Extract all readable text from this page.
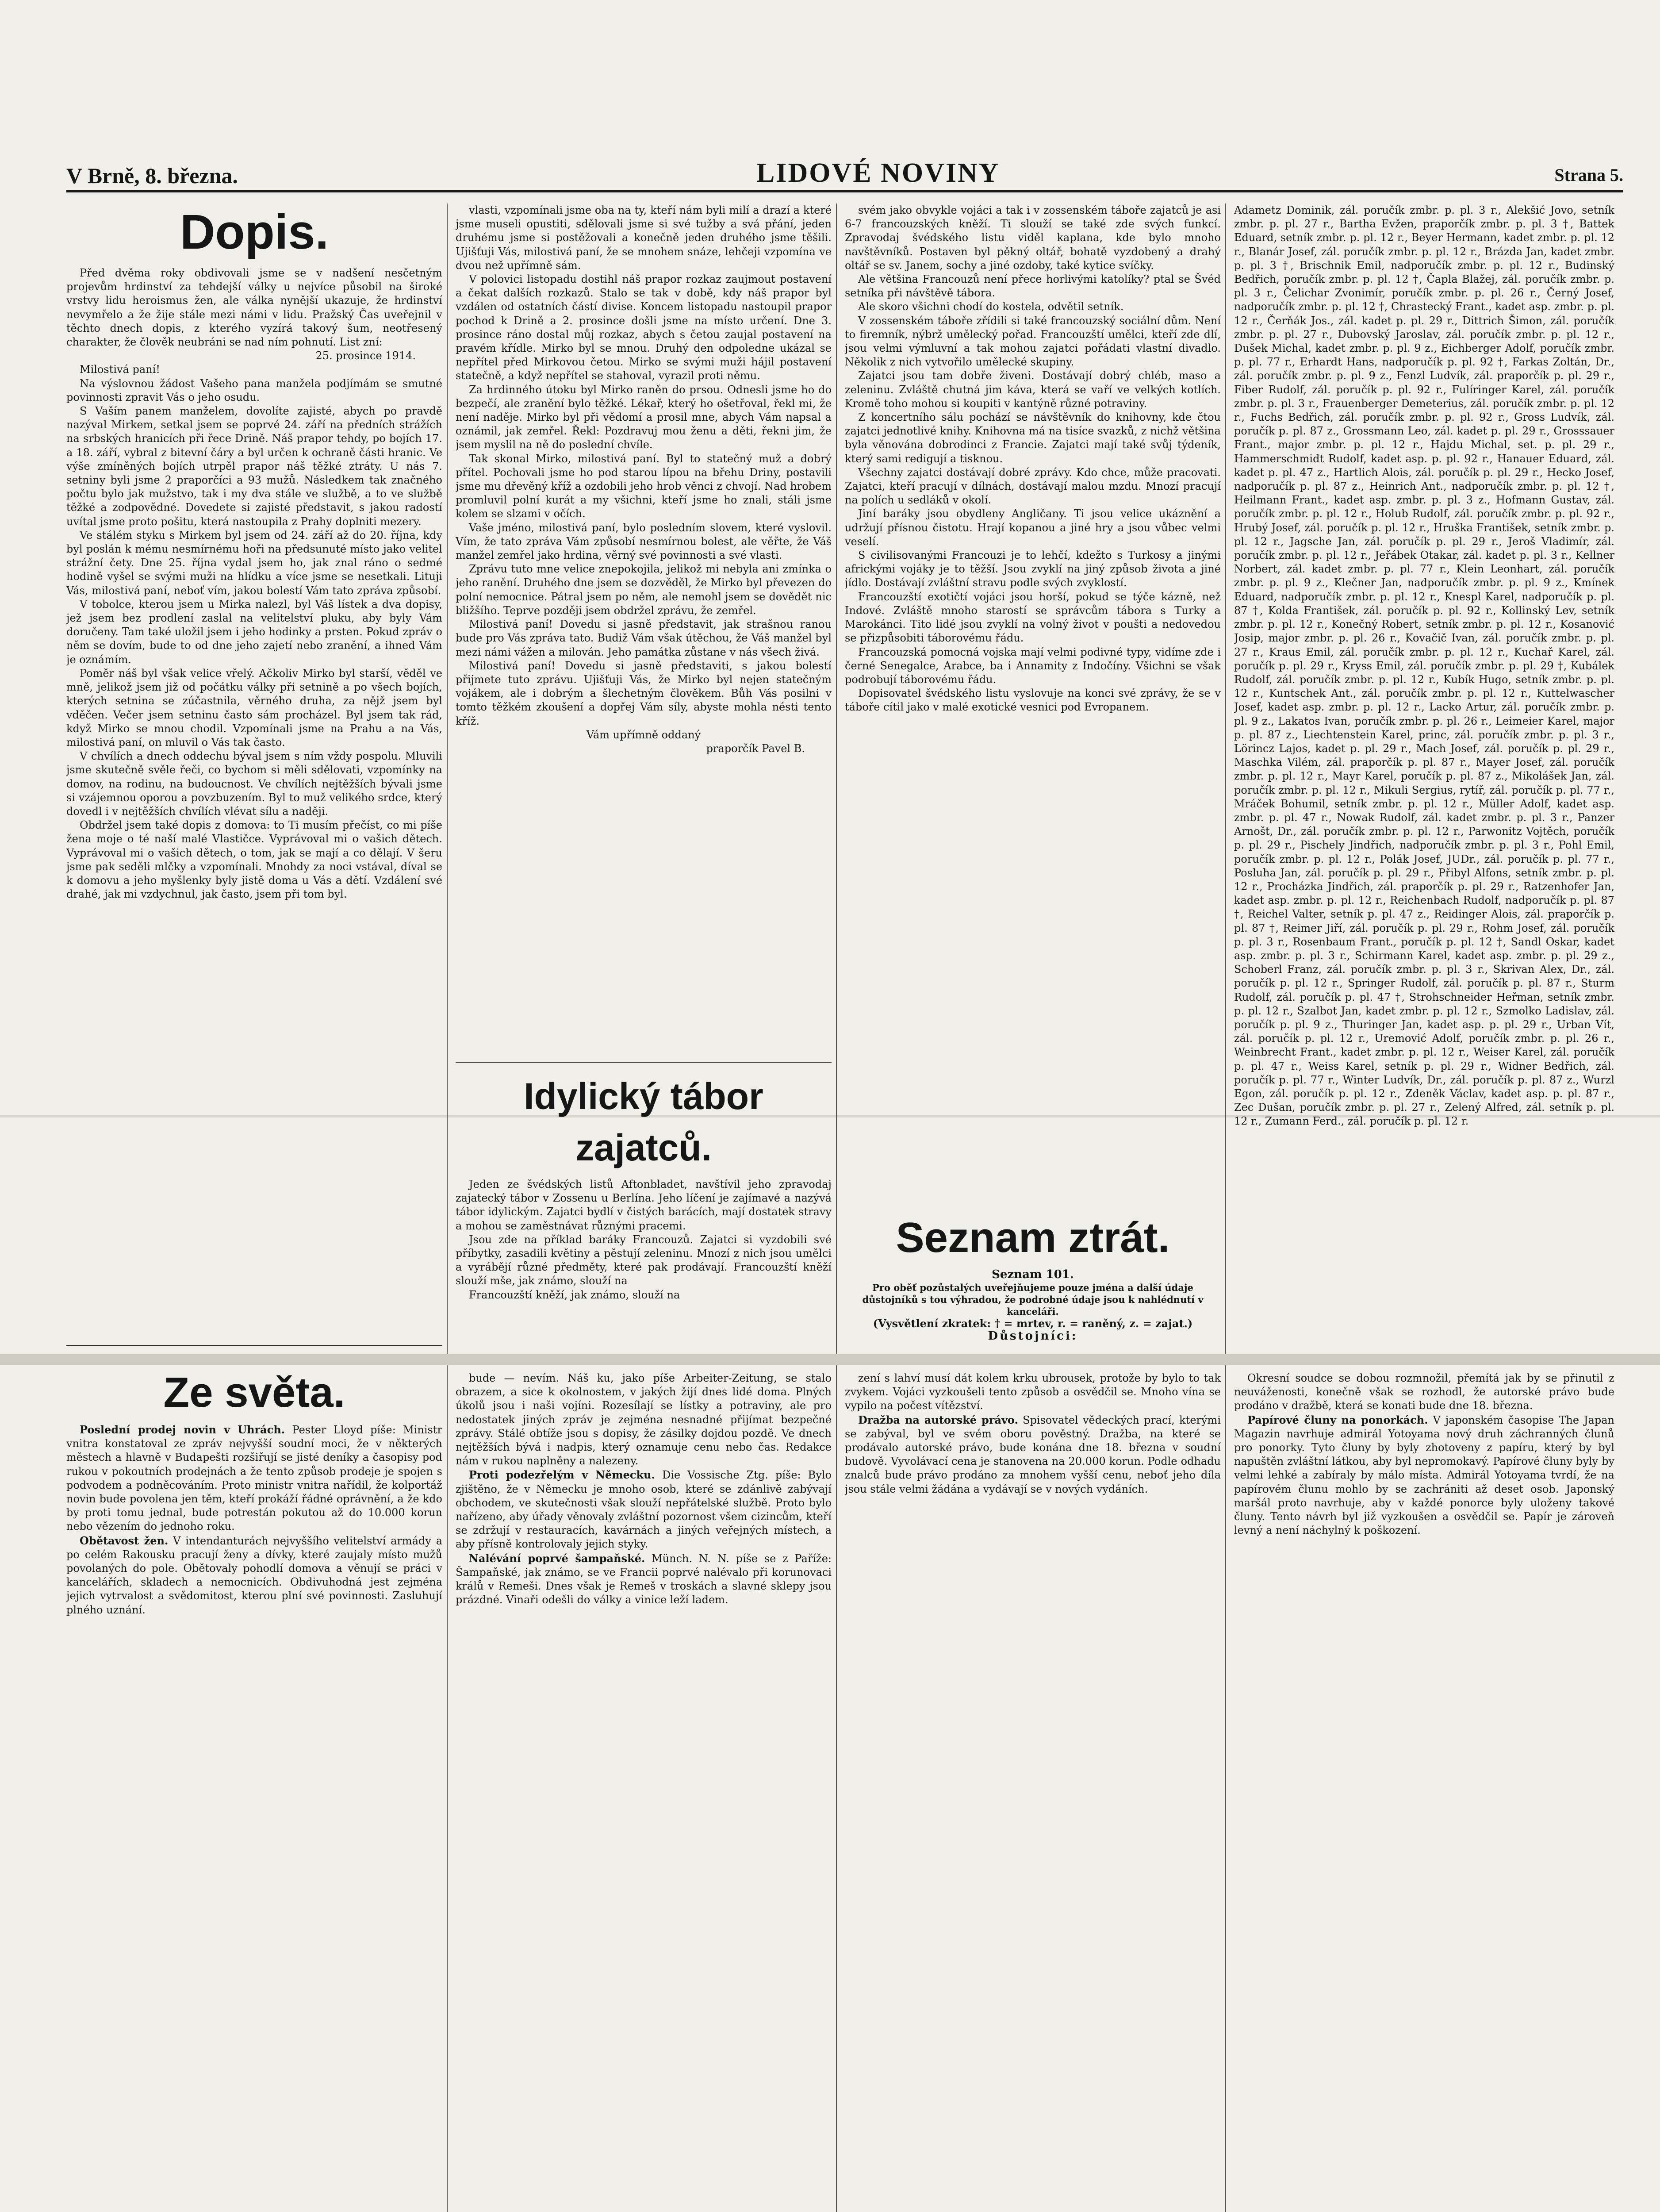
V Brně, 8. března.	LIDOVÉ NOVINY	Strana 5.
Dopis.

Před dvěma roky obdivovali jsme se v nadšení nesčetným projevům hrdinství za tehdejší války u nejvíce působil na široké vrstvy lidu heroismus žen, ale válka nynější ukazuje, že hrdinství nevymřelo a že žije stále mezi námi v lidu. Pražský Čas uveřejnil v těchto dnech dopis, z kterého vyzírá takový šum, neotřesený charakter, že člověk neubráni se nad ním pohnutí. List zní:

25. prosince 1914.

Milostivá paní!

Na výslovnou žádost Vašeho pana manžela podjímám se smutné povinnosti zpravit Vás o jeho osudu.

S Vaším panem manželem, dovolíte zajisté, abych po pravdě nazýval Mirkem, setkal jsem se poprvé 24. září na předních strážích na srbských hranicích při řece Drině. Náš prapor tehdy, po bojích 17. a 18. září, vybral z bitevní čáry a byl určen k ochraně části hranic. Ve výše zmíněných bojích utrpěl prapor náš těžké ztráty. U nás 7. setniny byli jsme 2 praporčíci a 93 mužů. Následkem tak značného počtu bylo jak mužstvo, tak i my dva stále ve službě, a to ve službě těžké a zodpovědné. Dovedete si zajisté představit, s jakou radostí uvítal jsme proto pošitu, která nastoupila z Prahy doplniti mezery.

Ve stálém styku s Mirkem byl jsem od 24. září až do 20. října, kdy byl poslán k mému nesmírnému hoři na předsunuté místo jako velitel strážní čety. Dne 25. října vydal jsem ho, jak znal ráno o sedmé hodině vyšel se svými muži na hlídku a více jsme se nesetkali. Lituji Vás, milostivá paní, neboť vím, jakou bolestí Vám tato zpráva způsobí.

V tobolce, kterou jsem u Mirka nalezl, byl Váš lístek a dva dopisy, jež jsem bez prodlení zaslal na velitelství pluku, aby byly Vám doručeny. Tam také uložil jsem i jeho hodinky a prsten. Pokud zpráv o něm se dovím, bude to od dne jeho zajetí nebo zranění, a ihned Vám je oznámím.

Poměr náš byl však velice vřelý. Ačkoliv Mirko byl starší, věděl ve mně, jelikož jsem již od počátku války při setnině a po všech bojích, kterých setnina se zúčastnila, věrného druha, za nějž jsem byl vděčen. Večer jsem setninu často sám procházel. Byl jsem tak rád, když Mirko se mnou chodil. Vzpomínali jsme na Prahu a na Vás, milostivá paní, on mluvil o Vás tak často.

V chvílích a dnech oddechu býval jsem s ním vždy pospolu. Mluvili jsme skutečně svěle řeči, co bychom si měli sdělovati, vzpomínky na domov, na rodinu, na budoucnost. Ve chvílích nejtěžších bývali jsme si vzájemnou oporou a povzbuzením. Byl to muž velikého srdce, který dovedl i v nejtěžších chvílích vlévat sílu a naději.

Obdržel jsem také dopis z domova: to Ti musím přečíst, co mi píše žena moje o té naší malé Vlastičce. Vyprávoval mi o vašich dětech. Vyprávoval mi o vašich dětech, o tom, jak se mají a co dělají. V šeru jsme pak seděli mlčky a vzpomínali. Mnohdy za noci vstával, díval se k domovu a jeho myšlenky byly jistě doma u Vás a dětí. Vzdálení své drahé, jak mi vzdychnul, jak často, jsem při tom byl.

Ze světa.

Poslední prodej novin v Uhrách. Pester Lloyd píše: Ministr vnitra konstatoval ze zpráv nejvyšší soudní moci, že v některých městech a hlavně v Budapešti rozšiřují se jisté deníky a časopisy pod rukou v pokoutních prodejnách a že tento způsob prodeje je spojen s podvodem a podněcováním. Proto ministr vnitra nařídil, že kolportáž novin bude povolena jen těm, kteří prokáží řádné oprávnění, a že kdo by proti tomu jednal, bude potrestán pokutou až do 10.000 korun nebo vězením do jednoho roku.

Obětavost žen. V intendanturách nejvyššího velitelství armády a po celém Rakousku pracují ženy a dívky, které zaujaly místo mužů povolaných do pole. Obětovaly pohodlí domova a věnují se práci v kancelářích, skladech a nemocnicích. Obdivuhodná jest zejména jejich vytrvalost a svědomitost, kterou plní své povinnosti. Zasluhují plného uznání.

vlasti, vzpomínali jsme oba na ty, kteří nám byli milí a drazí a které jsme museli opustiti, sdělovali jsme si své tužby a svá přání, jeden druhému jsme si postěžovali a konečně jeden druhého jsme těšili. Ujišťuji Vás, milostivá paní, že se mnohem snáze, lehčeji vzpomína ve dvou než upřímně sám.

V polovici listopadu dostihl náš prapor rozkaz zaujmout postavení a čekat dalších rozkazů. Stalo se tak v době, kdy náš prapor byl vzdálen od ostatních částí divise. Koncem listopadu nastoupil prapor pochod k Drině a 2. prosince došli jsme na místo určení. Dne 3. prosince ráno dostal můj rozkaz, abych s četou zaujal postavení na pravém křídle. Mirko byl se mnou. Druhý den odpoledne ukázal se nepřítel před Mirkovou četou. Mirko se svými muži hájil postavení statečně, a když nepřítel se stahoval, vyrazil proti němu.

Za hrdinného útoku byl Mirko raněn do prsou. Odnesli jsme ho do bezpečí, ale zranění bylo těžké. Lékař, který ho ošetřoval, řekl mi, že není naděje. Mirko byl při vědomí a prosil mne, abych Vám napsal a oznámil, jak zemřel. Řekl: Pozdravuj mou ženu a děti, řekni jim, že jsem myslil na ně do poslední chvíle.

Tak skonal Mirko, milostivá paní. Byl to statečný muž a dobrý přítel. Pochovali jsme ho pod starou lípou na břehu Driny, postavili jsme mu dřevěný kříž a ozdobili jeho hrob věnci z chvojí. Nad hrobem promluvil polní kurát a my všichni, kteří jsme ho znali, stáli jsme kolem se slzami v očích.

Vaše jméno, milostivá paní, bylo posledním slovem, které vyslovil. Vím, že tato zpráva Vám způsobí nesmírnou bolest, ale věřte, že Váš manžel zemřel jako hrdina, věrný své povinnosti a své vlasti.

Zprávu tuto mne velice znepokojila, jelikož mi nebyla ani zmínka o jeho ranění. Druhého dne jsem se dozvěděl, že Mirko byl převezen do polní nemocnice. Pátral jsem po něm, ale nemohl jsem se dovědět nic bližšího. Teprve později jsem obdržel zprávu, že zemřel.

Milostivá paní! Dovedu si jasně představit, jak strašnou ranou bude pro Vás zpráva tato. Budiž Vám však útěchou, že Váš manžel byl mezi námi vážen a milován. Jeho památka zůstane v nás všech živá.

Milostivá paní! Dovedu si jasně představiti, s jakou bolestí přijmete tuto zprávu. Ujišťuji Vás, že Mirko byl nejen statečným vojákem, ale i dobrým a šlechetným člověkem. Bůh Vás posilni v tomto těžkém zkoušení a dopřej Vám síly, abyste mohla nésti tento kříž.

Vám upřímně oddaný

praporčík Pavel B.

Idylický tábor zajatců.

Jeden ze švédských listů Aftonbladet, navštívil jeho zpravodaj zajatecký tábor v Zossenu u Berlína. Jeho líčení je zajímavé a nazývá tábor idylickým. Zajatci bydlí v čistých barácích, mají dostatek stravy a mohou se zaměstnávat různými pracemi.

Jsou zde na příklad baráky Francouzů. Zajatci si vyzdobili své příbytky, zasadili květiny a pěstují zeleninu. Mnozí z nich jsou umělci a vyrábějí různé předměty, které pak prodávají. Francouzští kněží slouží mše, jak známo, slouží na

Francouzští kněží, jak známo, slouží na

svém jako obvykle vojáci a tak i v zossenském táboře zajatců je asi 6-7 francouzských kněží. Ti slouží se také zde svých funkcí. Zpravodaj švédského listu viděl kaplana, kde bylo mnoho navštěvníků. Postaven byl pěkný oltář, bohatě vyzdobený a drahý oltář se sv. Janem, sochy a jiné ozdoby, také kytice svíčky.

Ale většina Francouzů není přece horlivými katolíky? ptal se Švéd setníka při návštěvě tábora.

Ale skoro všichni chodí do kostela, odvětil setník.

V zossenském táboře zřídili si také francouzský sociální dům. Není to firemník, nýbrž umělecký pořad. Francouzští umělci, kteří zde dlí, jsou velmi výmluvní a tak mohou zajatci pořádati vlastní divadlo. Několik z nich vytvořilo umělecké skupiny.

Zajatci jsou tam dobře živeni. Dostávají dobrý chléb, maso a zeleninu. Zvláště chutná jim káva, která se vaří ve velkých kotlích. Kromě toho mohou si koupiti v kantýně různé potraviny.

Z koncertního sálu pochází se návštěvník do knihovny, kde čtou zajatci jednotlivé knihy. Knihovna má na tisíce svazků, z nichž většina byla věnována dobrodinci z Francie. Zajatci mají také svůj týdeník, který sami redigují a tisknou.

Všechny zajatci dostávají dobré zprávy. Kdo chce, může pracovati. Zajatci, kteří pracují v dílnách, dostávají malou mzdu. Mnozí pracují na polích u sedláků v okolí.

Jiní baráky jsou obydleny Angličany. Ti jsou velice ukáznění a udržují přísnou čistotu. Hrají kopanou a jiné hry a jsou vůbec velmi veselí.

S civilisovanými Francouzi je to lehčí, kdežto s Turkosy a jinými africkými vojáky je to těžší. Jsou zvyklí na jiný způsob života a jiné jídlo. Dostávají zvláštní stravu podle svých zvyklostí.

Francouzští exotičtí vojáci jsou horší, pokud se týče kázně, než Indové. Zvláště mnoho starostí se správcům tábora s Turky a Marokánci. Tito lidé jsou zvyklí na volný život v poušti a nedovedou se přizpůsobiti táborovému řádu.

Francouzská pomocná vojska mají velmi podivné typy, vidíme zde i černé Senegalce, Arabce, ba i Annamity z Indočíny. Všichni se však podrobují táborovému řádu.

Dopisovatel švédského listu vyslovuje na konci své zprávy, že se v táboře cítil jako v malé exotické vesnici pod Evropanem.

Seznam ztrát.
Seznam 101.
Pro oběť pozůstalých uveřejňujeme pouze jména a další údaje důstojníků s tou výhradou, že podrobné údaje jsou k nahlédnutí v kanceláři.
(Vysvětlení zkratek: † = mrtev, r. = raněný, z. = zajat.)
Důstojníci:

Adametz Dominik, zál. poručík zmbr. p. pl. 3 r., Alekšić Jovo, setník zmbr. p. pl. 27 r., Bartha Evžen, praporčík zmbr. p. pl. 3 †, Battek Eduard, setník zmbr. p. pl. 12 r., Beyer Hermann, kadet zmbr. p. pl. 12 r., Blanár Josef, zál. poručík zmbr. p. pl. 12 r., Brázda Jan, kadet zmbr. p. pl. 3 †, Brischnik Emil, nadporučík zmbr. p. pl. 12 r., Budinský Bedřich, poručík zmbr. p. pl. 12 †, Čapla Blažej, zál. poručík zmbr. p. pl. 3 r., Čelichar Zvonimír, poručík zmbr. p. pl. 26 r., Černý Josef, nadporučík zmbr. p. pl. 12 †, Chrastecký Frant., kadet asp. zmbr. p. pl. 12 r., Čerňák Jos., zál. kadet p. pl. 29 r., Dittrich Šimon, zál. poručík zmbr. p. pl. 27 r., Dubovský Jaroslav, zál. poručík zmbr. p. pl. 12 r., Dušek Michal, kadet zmbr. p. pl. 9 z., Eichberger Adolf, poručík zmbr. p. pl. 77 r., Erhardt Hans, nadporučík p. pl. 92 †, Farkas Zoltán, Dr., zál. poručík zmbr. p. pl. 9 z., Fenzl Ludvík, zál. praporčík p. pl. 29 r., Fiber Rudolf, zál. poručík p. pl. 92 r., Fulíringer Karel, zál. poručík zmbr. p. pl. 3 r., Frauenberger Demeterius, zál. poručík zmbr. p. pl. 12 r., Fuchs Bedřich, zál. poručík zmbr. p. pl. 92 r., Gross Ludvík, zál. poručík p. pl. 87 z., Grossmann Leo, zál. kadet p. pl. 29 r., Grosssauer Frant., major zmbr. p. pl. 12 r., Hajdu Michal, set. p. pl. 29 r., Hammerschmidt Rudolf, kadet asp. p. pl. 92 r., Hanauer Eduard, zál. kadet p. pl. 47 z., Hartlich Alois, zál. poručík p. pl. 29 r., Hecko Josef, nadporučík p. pl. 87 z., Heinrich Ant., nadporučík zmbr. p. pl. 12 †, Heilmann Frant., kadet asp. zmbr. p. pl. 3 z., Hofmann Gustav, zál. poručík zmbr. p. pl. 12 r., Holub Rudolf, zál. poručík zmbr. p. pl. 92 r., Hrubý Josef, zál. poručík p. pl. 12 r., Hruška František, setník zmbr. p. pl. 12 r., Jagsche Jan, zál. poručík p. pl. 29 r., Jeroš Vladimír, zál. poručík zmbr. p. pl. 12 r., Jeřábek Otakar, zál. kadet p. pl. 3 r., Kellner Norbert, zál. kadet zmbr. p. pl. 77 r., Klein Leonhart, zál. poručík zmbr. p. pl. 9 z., Klečner Jan, nadporučík zmbr. p. pl. 9 z., Kmínek Eduard, nadporučík zmbr. p. pl. 12 r., Knespl Karel, nadporučík p. pl. 87 †, Kolda František, zál. poručík p. pl. 92 r., Kollinský Lev, setník zmbr. p. pl. 12 r., Konečný Robert, setník zmbr. p. pl. 12 r., Kosanović Josip, major zmbr. p. pl. 26 r., Kovačič Ivan, zál. poručík zmbr. p. pl. 27 r., Kraus Emil, zál. poručík zmbr. p. pl. 12 r., Kuchař Karel, zál. poručík p. pl. 29 r., Kryss Emil, zál. poručík zmbr. p. pl. 29 †, Kubálek Rudolf, zál. poručík zmbr. p. pl. 12 r., Kubík Hugo, setník zmbr. p. pl. 12 r., Kuntschek Ant., zál. poručík zmbr. p. pl. 12 r., Kuttelwascher Josef, kadet asp. zmbr. p. pl. 12 r., Lacko Artur, zál. poručík zmbr. p. pl. 9 z., Lakatos Ivan, poručík zmbr. p. pl. 26 r., Leimeier Karel, major p. pl. 87 z., Liechtenstein Karel, princ, zál. poručík zmbr. p. pl. 3 r., Lörincz Lajos, kadet p. pl. 29 r., Mach Josef, zál. poručík p. pl. 29 r., Maschka Vilém, zál. praporčík p. pl. 87 r., Mayer Josef, zál. poručík zmbr. p. pl. 12 r., Mayr Karel, poručík p. pl. 87 z., Mikolášek Jan, zál. poručík zmbr. p. pl. 12 r., Mikuli Sergius, rytíř, zál. poručík p. pl. 77 r., Mráček Bohumil, setník zmbr. p. pl. 12 r., Müller Adolf, kadet asp. zmbr. p. pl. 47 r., Nowak Rudolf, zál. kadet zmbr. p. pl. 3 r., Panzer Arnošt, Dr., zál. poručík zmbr. p. pl. 12 r., Parwonitz Vojtěch, poručík p. pl. 29 r., Pischely Jindřich, nadporučík zmbr. p. pl. 3 r., Pohl Emil, poručík zmbr. p. pl. 12 r., Polák Josef, JUDr., zál. poručík p. pl. 77 r., Posluha Jan, zál. poručík p. pl. 29 r., Přibyl Alfons, setník zmbr. p. pl. 12 r., Procházka Jindřich, zál. praporčík p. pl. 29 r., Ratzenhofer Jan, kadet asp. zmbr. p. pl. 12 r., Reichenbach Rudolf, nadporučík p. pl. 87 †, Reichel Valter, setník p. pl. 47 z., Reidinger Alois, zál. praporčík p. pl. 87 †, Reimer Jiří, zál. poručík p. pl. 29 r., Rohm Josef, zál. poručík p. pl. 3 r., Rosenbaum Frant., poručík p. pl. 12 †, Sandl Oskar, kadet asp. zmbr. p. pl. 3 r., Schirmann Karel, kadet asp. zmbr. p. pl. 29 z., Schoberl Franz, zál. poručík zmbr. p. pl. 3 r., Skrivan Alex, Dr., zál. poručík p. pl. 12 r., Springer Rudolf, zál. poručík p. pl. 87 r., Sturm Rudolf, zál. poručík p. pl. 47 †, Strohschneider Heřman, setník zmbr. p. pl. 12 r., Szalbot Jan, kadet zmbr. p. pl. 12 r., Szmolko Ladislav, zál. poručík p. pl. 9 z., Thuringer Jan, kadet asp. p. pl. 29 r., Urban Vít, zál. poručík p. pl. 12 r., Uremović Adolf, poručík zmbr. p. pl. 26 r., Weinbrecht Frant., kadet zmbr. p. pl. 12 r., Weiser Karel, zál. poručík p. pl. 47 r., Weiss Karel, setník p. pl. 29 r., Widner Bedřich, zál. poručík p. pl. 77 r., Winter Ludvík, Dr., zál. poručík p. pl. 87 z., Wurzl Egon, zál. poručík p. pl. 12 r., Zdeněk Václav, kadet asp. p. pl. 87 r., Zec Dušan, poručík zmbr. p. pl. 27 r., Zelený Alfred, zál. setník p. pl. 12 r., Zumann Ferd., zál. poručík p. pl. 12 r.

bude — nevím. Náš ku, jako píše Arbeiter-Zeitung, se stalo obrazem, a sice k okolnostem, v jakých žijí dnes lidé doma. Plných úkolů jsou i naši vojíni. Rozesílají se lístky a potraviny, ale pro nedostatek jiných zpráv je zejména nesnadné přijímat bezpečné zprávy. Stálé obtíže jsou s dopisy, že zásilky dojdou pozdě. Ve dnech nejtěžších bývá i nadpis, který oznamuje cenu nebo čas. Redakce nám v rukou naplněny a nalezeny.

Proti podezřelým v Německu. Die Vossische Ztg. píše: Bylo zjištěno, že v Německu je mnoho osob, které se zdánlivě zabývají obchodem, ve skutečnosti však slouží nepřátelské službě. Proto bylo nařízeno, aby úřady věnovaly zvláštní pozornost všem cizincům, kteří se zdržují v restauracích, kavárnách a jiných veřejných místech, a aby přísně kontrolovaly jejich styky.

Nalévání poprvé šampaňské. Münch. N. N. píše se z Paříže: Šampaňské, jak známo, se ve Francii poprvé nalévalo při korunovaci králů v Remeši. Dnes však je Remeš v troskách a slavné sklepy jsou prázdné. Vinaři odešli do války a vinice leží ladem.

zení s lahví musí dát kolem krku ubrousek, protože by bylo to tak zvykem. Vojáci vyzkoušeli tento způsob a osvědčil se. Mnoho vína se vypilo na počest vítězství.

Dražba na autorské právo. Spisovatel vědeckých prací, kterými se zabýval, byl ve svém oboru pověstný. Dražba, na které se prodávalo autorské právo, bude konána dne 18. března v soudní budově. Vyvolávací cena je stanovena na 20.000 korun. Podle odhadu znalců bude právo prodáno za mnohem vyšší cenu, neboť jeho díla jsou stále velmi žádána a vydávají se v nových vydáních.

Okresní soudce se dobou rozmnožil, přemítá jak by se přinutil z neuváženosti, konečně však se rozhodl, že autorské právo bude prodáno v dražbě, která se konati bude dne 18. března.

Papírové čluny na ponorkách. V japonském časopise The Japan Magazin navrhuje admirál Yotoyama nový druh záchranných člunů pro ponorky. Tyto čluny by byly zhotoveny z papíru, který by byl napuštěn zvláštní látkou, aby byl nepromokavý. Papírové čluny byly by velmi lehké a zabíraly by málo místa. Admirál Yotoyama tvrdí, že na papírovém člunu mohlo by se zachrániti až deset osob. Japonský maršál proto navrhuje, aby v každé ponorce byly uloženy takové čluny. Tento návrh byl již vyzkoušen a osvědčil se. Papír je zároveň levný a není náchylný k poškození.
